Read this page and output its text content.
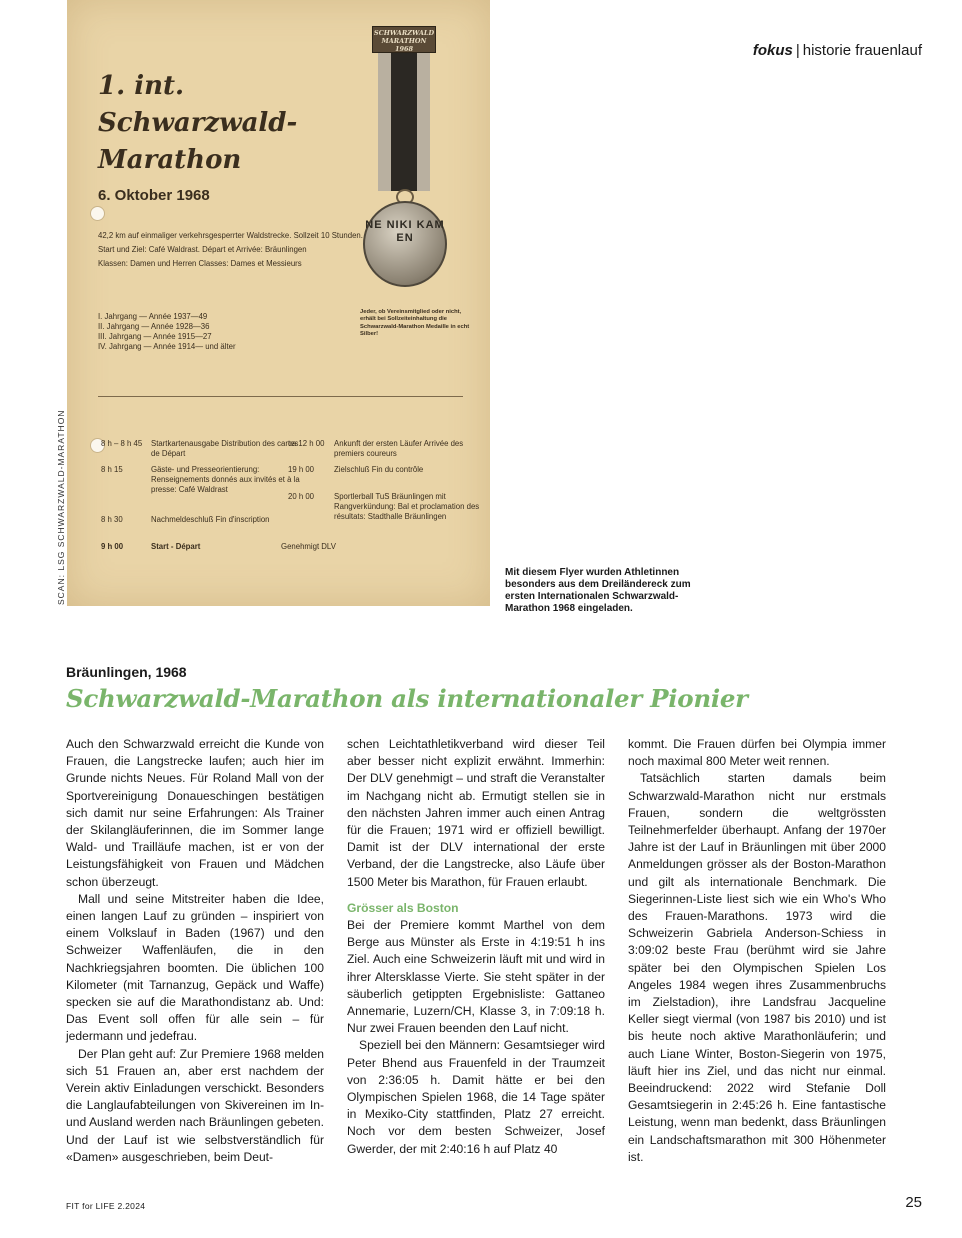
fokus | historie frauenlauf
SCAN: LSG SCHWARZWALD-MARATHON
1. int.
Schwarzwald-
Marathon
6. Oktober 1968

42,2 km auf einmaliger verkehrsgesperrter Waldstrecke. Sollzeit 10 Stunden.

Start und Ziel: Café Waldrast. Départ et Arrivée: Bräunlingen

Klassen: Damen und Herren Classes: Dames et Messieurs

I. Jahrgang — Année 1937—49
II. Jahrgang — Année 1928—36
III. Jahrgang — Année 1915—27
IV. Jahrgang — Année 1914— und älter
Jeder, ob Vereinsmitglied oder nicht, erhält bei Sollzeiteinhaltung die Schwarzwald-Marathon Medaille in echt Silber!
8 h – 8 h 45	Startkartenausgabe Distribution des cartes de Départ
8 h 15	Gäste- und Presseorientierung: Renseignements donnés aux invités et à la presse: Café Waldrast
8 h 30	Nachmeldeschluß Fin d'inscription
9 h 00	Start - Départ
ca 12 h 00	Ankunft der ersten Läufer Arrivée des premiers coureurs
19 h 00	Zielschluß Fin du contrôle
20 h 00	Sportlerball TuS Bräunlingen mit Rangverkündung: Bal et proclamation des résultats: Stadthalle Bräunlingen
Genehmigt DLV
SCHWARZWALD MARATHON 1968
NE NIKI KAM EN
Mit diesem Flyer wurden Athletinnen besonders aus dem Dreiländereck zum ersten Internationalen Schwarzwald-Marathon 1968 eingeladen.
Bräunlingen, 1968
Schwarzwald-Marathon als internationaler Pionier

Auch den Schwarzwald erreicht die Kunde von Frauen, die Langstrecke laufen; auch hier im Grunde nichts Neues. Für Roland Mall von der Sportvereinigung Donaueschingen bestätigen sich damit nur seine Erfahrungen: Als Trainer der Skilangläuferinnen, die im Sommer lange Wald- und Trailläufe machen, ist er von der Leistungsfähigkeit von Frauen und Mädchen schon überzeugt.

Mall und seine Mitstreiter haben die Idee, einen langen Lauf zu gründen – inspiriert von einem Volkslauf in Baden (1967) und den Schweizer Waffenläufen, die in den Nachkriegsjahren boomten. Die üblichen 100 Kilometer (mit Tarnanzug, Gepäck und Waffe) specken sie auf die Marathondistanz ab. Und: Das Event soll offen für alle sein – für jedermann und jedefrau.

Der Plan geht auf: Zur Premiere 1968 melden sich 51 Frauen an, aber erst nachdem der Verein aktiv Einladungen verschickt. Besonders die Langlaufabteilungen von Skivereinen im In- und Ausland werden nach Bräunlingen gebeten. Und der Lauf ist wie selbstverständlich für «Damen» ausgeschrieben, beim Deut-

schen Leichtathletikverband wird dieser Teil aber besser nicht explizit erwähnt. Immerhin: Der DLV genehmigt – und straft die Veranstalter im Nachgang nicht ab. Ermutigt stellen sie in den nächsten Jahren immer auch einen Antrag für die Frauen; 1971 wird er offiziell bewilligt. Damit ist der DLV international der erste Verband, der die Langstrecke, also Läufe über 1500 Meter bis Marathon, für Frauen erlaubt.

Grösser als Boston

Bei der Premiere kommt Marthel von dem Berge aus Münster als Erste in 4:19:51 h ins Ziel. Auch eine Schweizerin läuft mit und wird in ihrer Altersklasse Vierte. Sie steht später in der säuberlich getippten Ergebnisliste: Gattaneo Annemarie, Luzern/CH, Klasse 3, in 7:09:18 h. Nur zwei Frauen beenden den Lauf nicht.

Speziell bei den Männern: Gesamtsieger wird Peter Bhend aus Frauenfeld in der Traumzeit von 2:36:05 h. Damit hätte er bei den Olympischen Spielen 1968, die 14 Tage später in Mexiko-City stattfinden, Platz 27 erreicht. Noch vor dem besten Schweizer, Josef Gwerder, der mit 2:40:16 h auf Platz 40

kommt. Die Frauen dürfen bei Olympia immer noch maximal 800 Meter weit rennen.

Tatsächlich starten damals beim Schwarzwald-Marathon nicht nur erstmals Frauen, sondern die weltgrössten Teilnehmerfelder überhaupt. Anfang der 1970er Jahre ist der Lauf in Bräunlingen mit über 2000 Anmeldungen grösser als der Boston-Marathon und gilt als internationale Benchmark. Die Siegerinnen-Liste liest sich wie ein Who's Who des Frauen-Marathons. 1973 wird die Schweizerin Gabriela Anderson-Schiess in 3:09:02 beste Frau (berühmt wird sie Jahre später bei den Olympischen Spielen Los Angeles 1984 wegen ihres Zusammenbruchs im Zielstadion), ihre Landsfrau Jacqueline Keller siegt viermal (von 1987 bis 2010) und ist bis heute noch aktive Marathonläuferin; und auch Liane Winter, Boston-Siegerin von 1975, läuft hier ins Ziel, und das nicht nur einmal. Beeindruckend: 2022 wird Stefanie Doll Gesamtsiegerin in 2:45:26 h. Eine fantastische Leistung, wenn man bedenkt, dass Bräunlingen ein Landschaftsmarathon mit 300 Höhenmeter ist.

FIT for LIFE 2.2024	25
